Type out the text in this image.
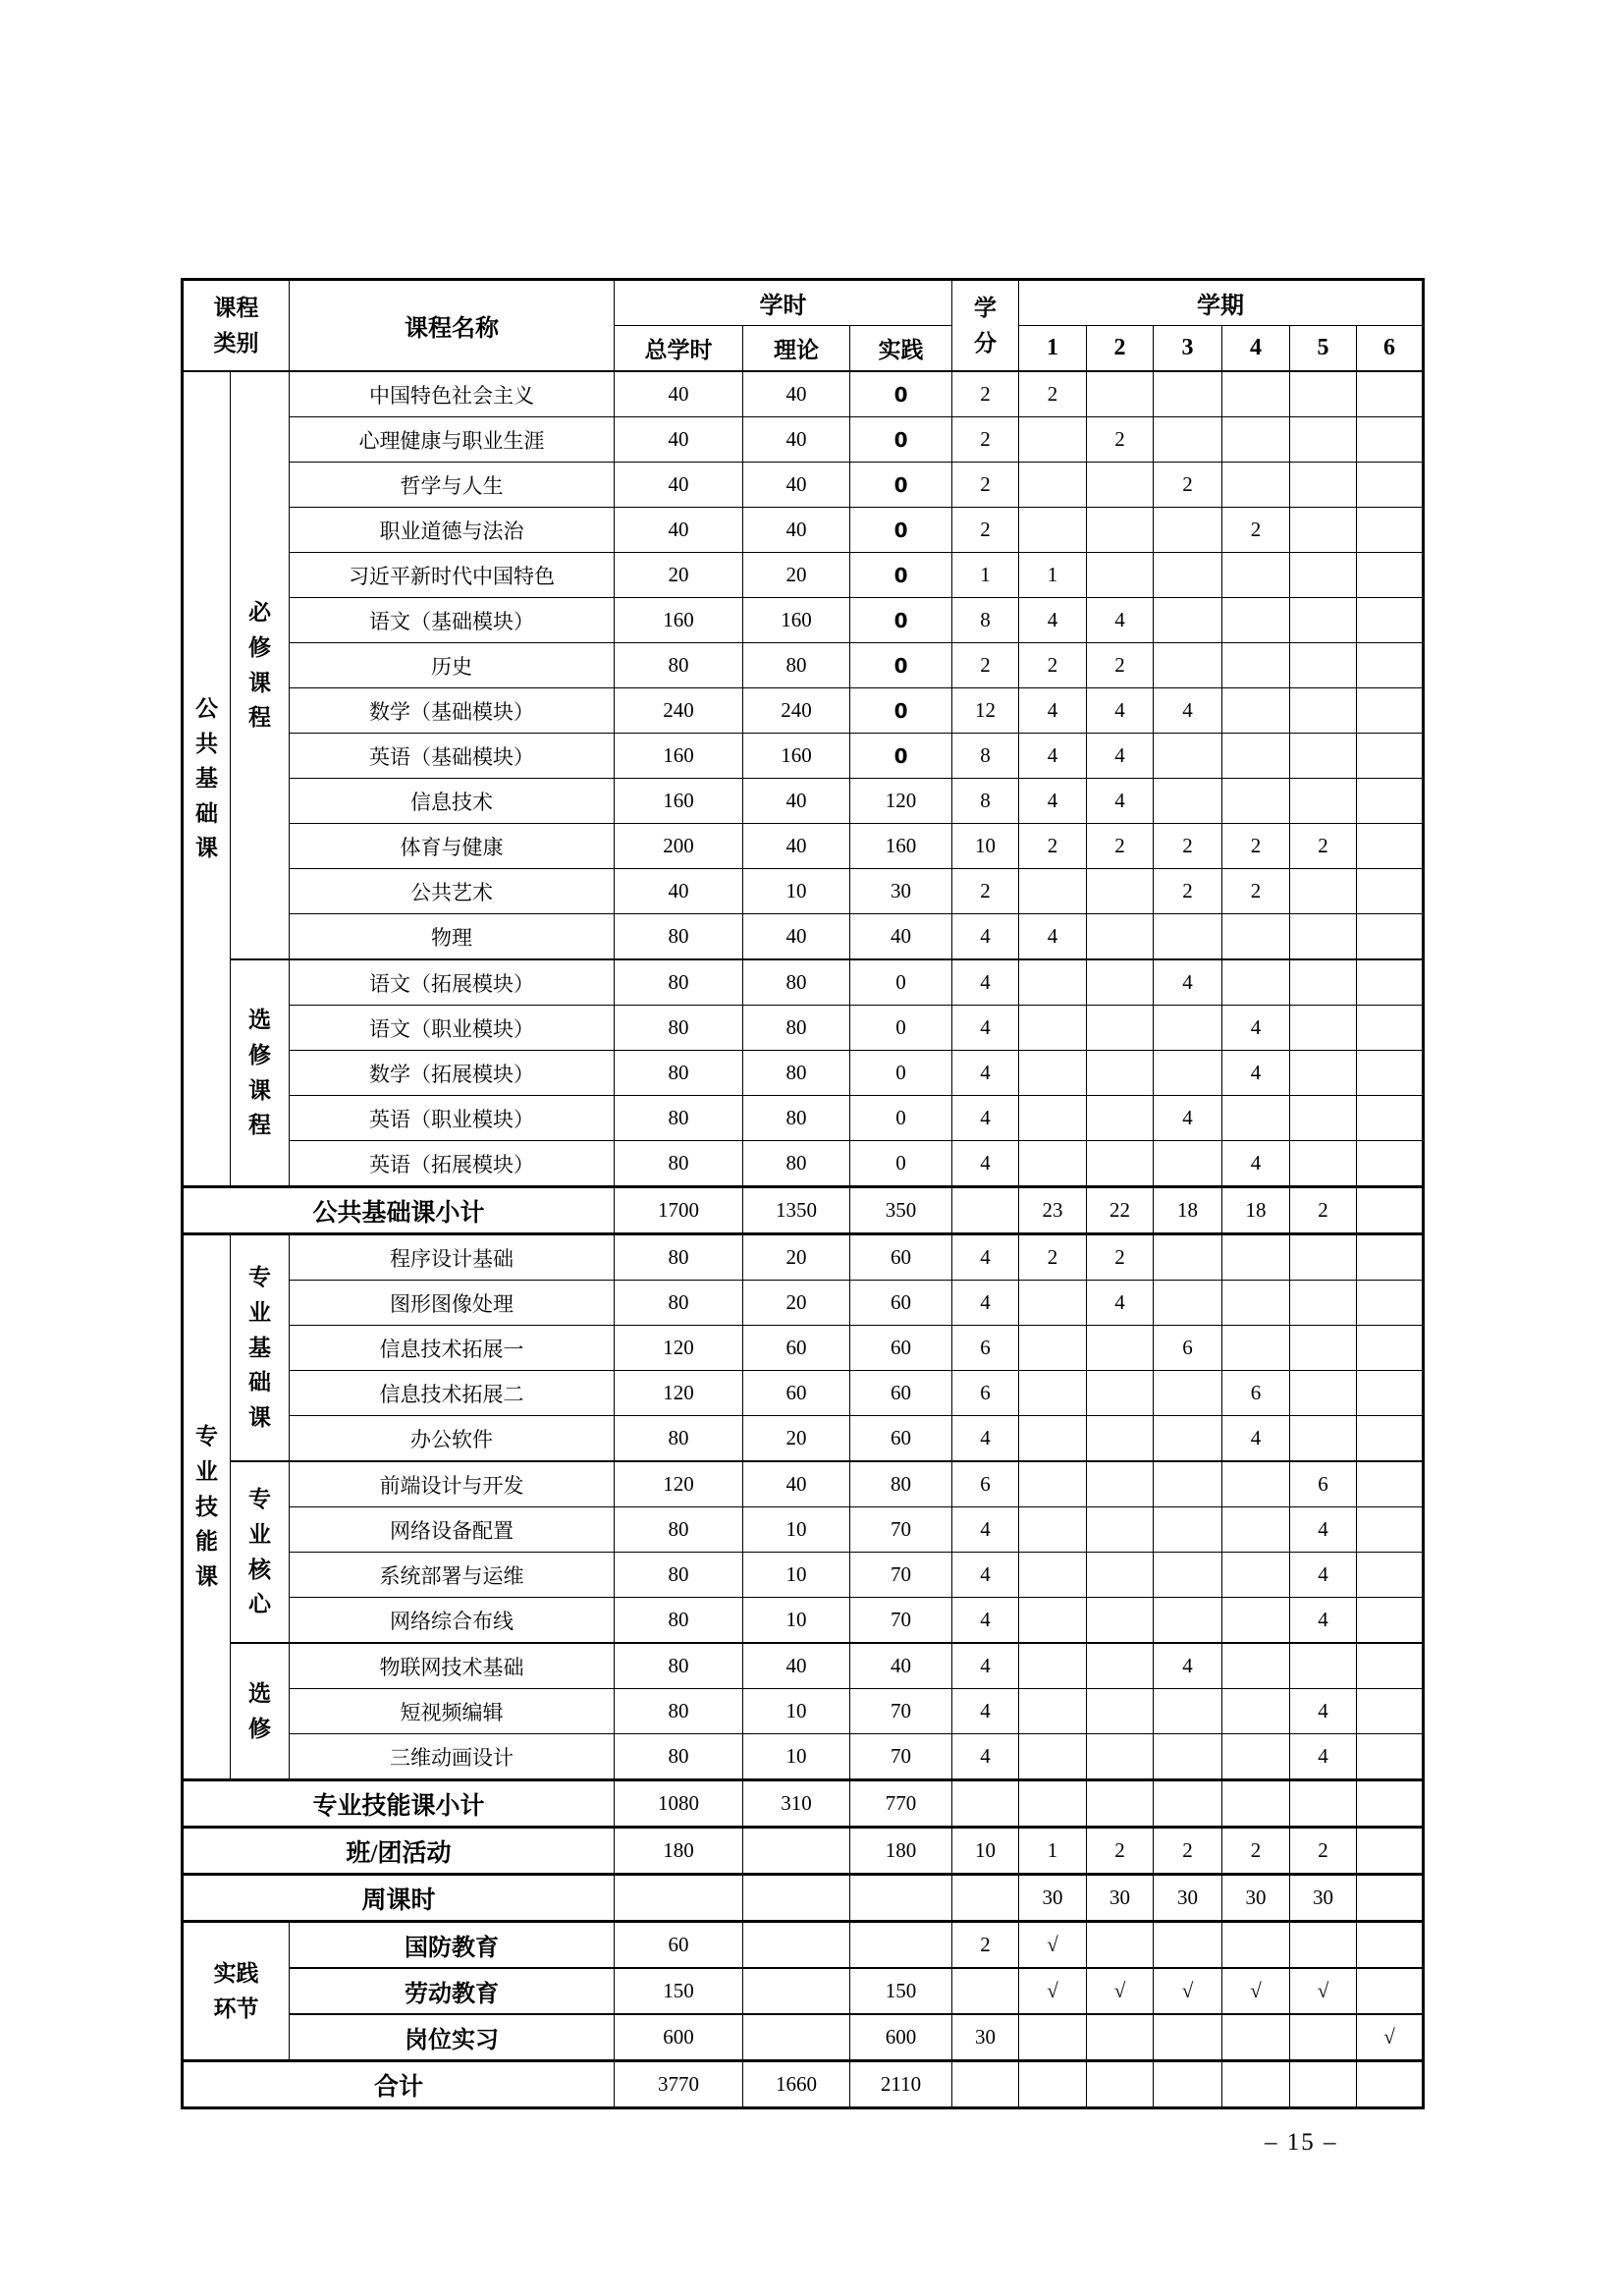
课程类别		课程名称	学时			学分	学期					
			总学时	理论	实践		1	2	3	4	5	6
公共基础课	必修课程	中国特色社会主义	40	40	0	2	2					
		心理健康与职业生涯	40	40	0	2		2				
		哲学与人生	40	40	0	2			2			
		职业道德与法治	40	40	0	2				2		
		习近平新时代中国特色	20	20	0	1	1					
		语文（基础模块）	160	160	0	8	4	4				
		历史	80	80	0	2	2	2				
		数学（基础模块）	240	240	0	12	4	4	4			
		英语（基础模块）	160	160	0	8	4	4				
		信息技术	160	40	120	8	4	4				
		体育与健康	200	40	160	10	2	2	2	2	2	
		公共艺术	40	10	30	2			2	2		
		物理	80	40	40	4	4					
	选修课程	语文（拓展模块）	80	80	0	4			4			
		语文（职业模块）	80	80	0	4				4		
		数学（拓展模块）	80	80	0	4				4		
		英语（职业模块）	80	80	0	4			4			
		英语（拓展模块）	80	80	0	4				4		
公共基础课小计			1700	1350	350		23	22	18	18	2	
专业技能课	专业基础课	程序设计基础	80	20	60	4	2	2				
		图形图像处理	80	20	60	4		4				
		信息技术拓展一	120	60	60	6			6			
		信息技术拓展二	120	60	60	6				6		
		办公软件	80	20	60	4				4		
	专业核心	前端设计与开发	120	40	80	6					6	
		网络设备配置	80	10	70	4					4	
		系统部署与运维	80	10	70	4					4	
		网络综合布线	80	10	70	4					4	
	选修	物联网技术基础	80	40	40	4			4			
		短视频编辑	80	10	70	4					4	
		三维动画设计	80	10	70	4					4	
专业技能课小计			1080	310	770							
班/团活动			180		180	10	1	2	2	2	2	
周课时							30	30	30	30	30	
实践环节		国防教育	60			2	√					
		劳动教育	150		150		√	√	√	√	√	
		岗位实习	600		600	30						√
合计			3770	1660	2110							
– 15 –
